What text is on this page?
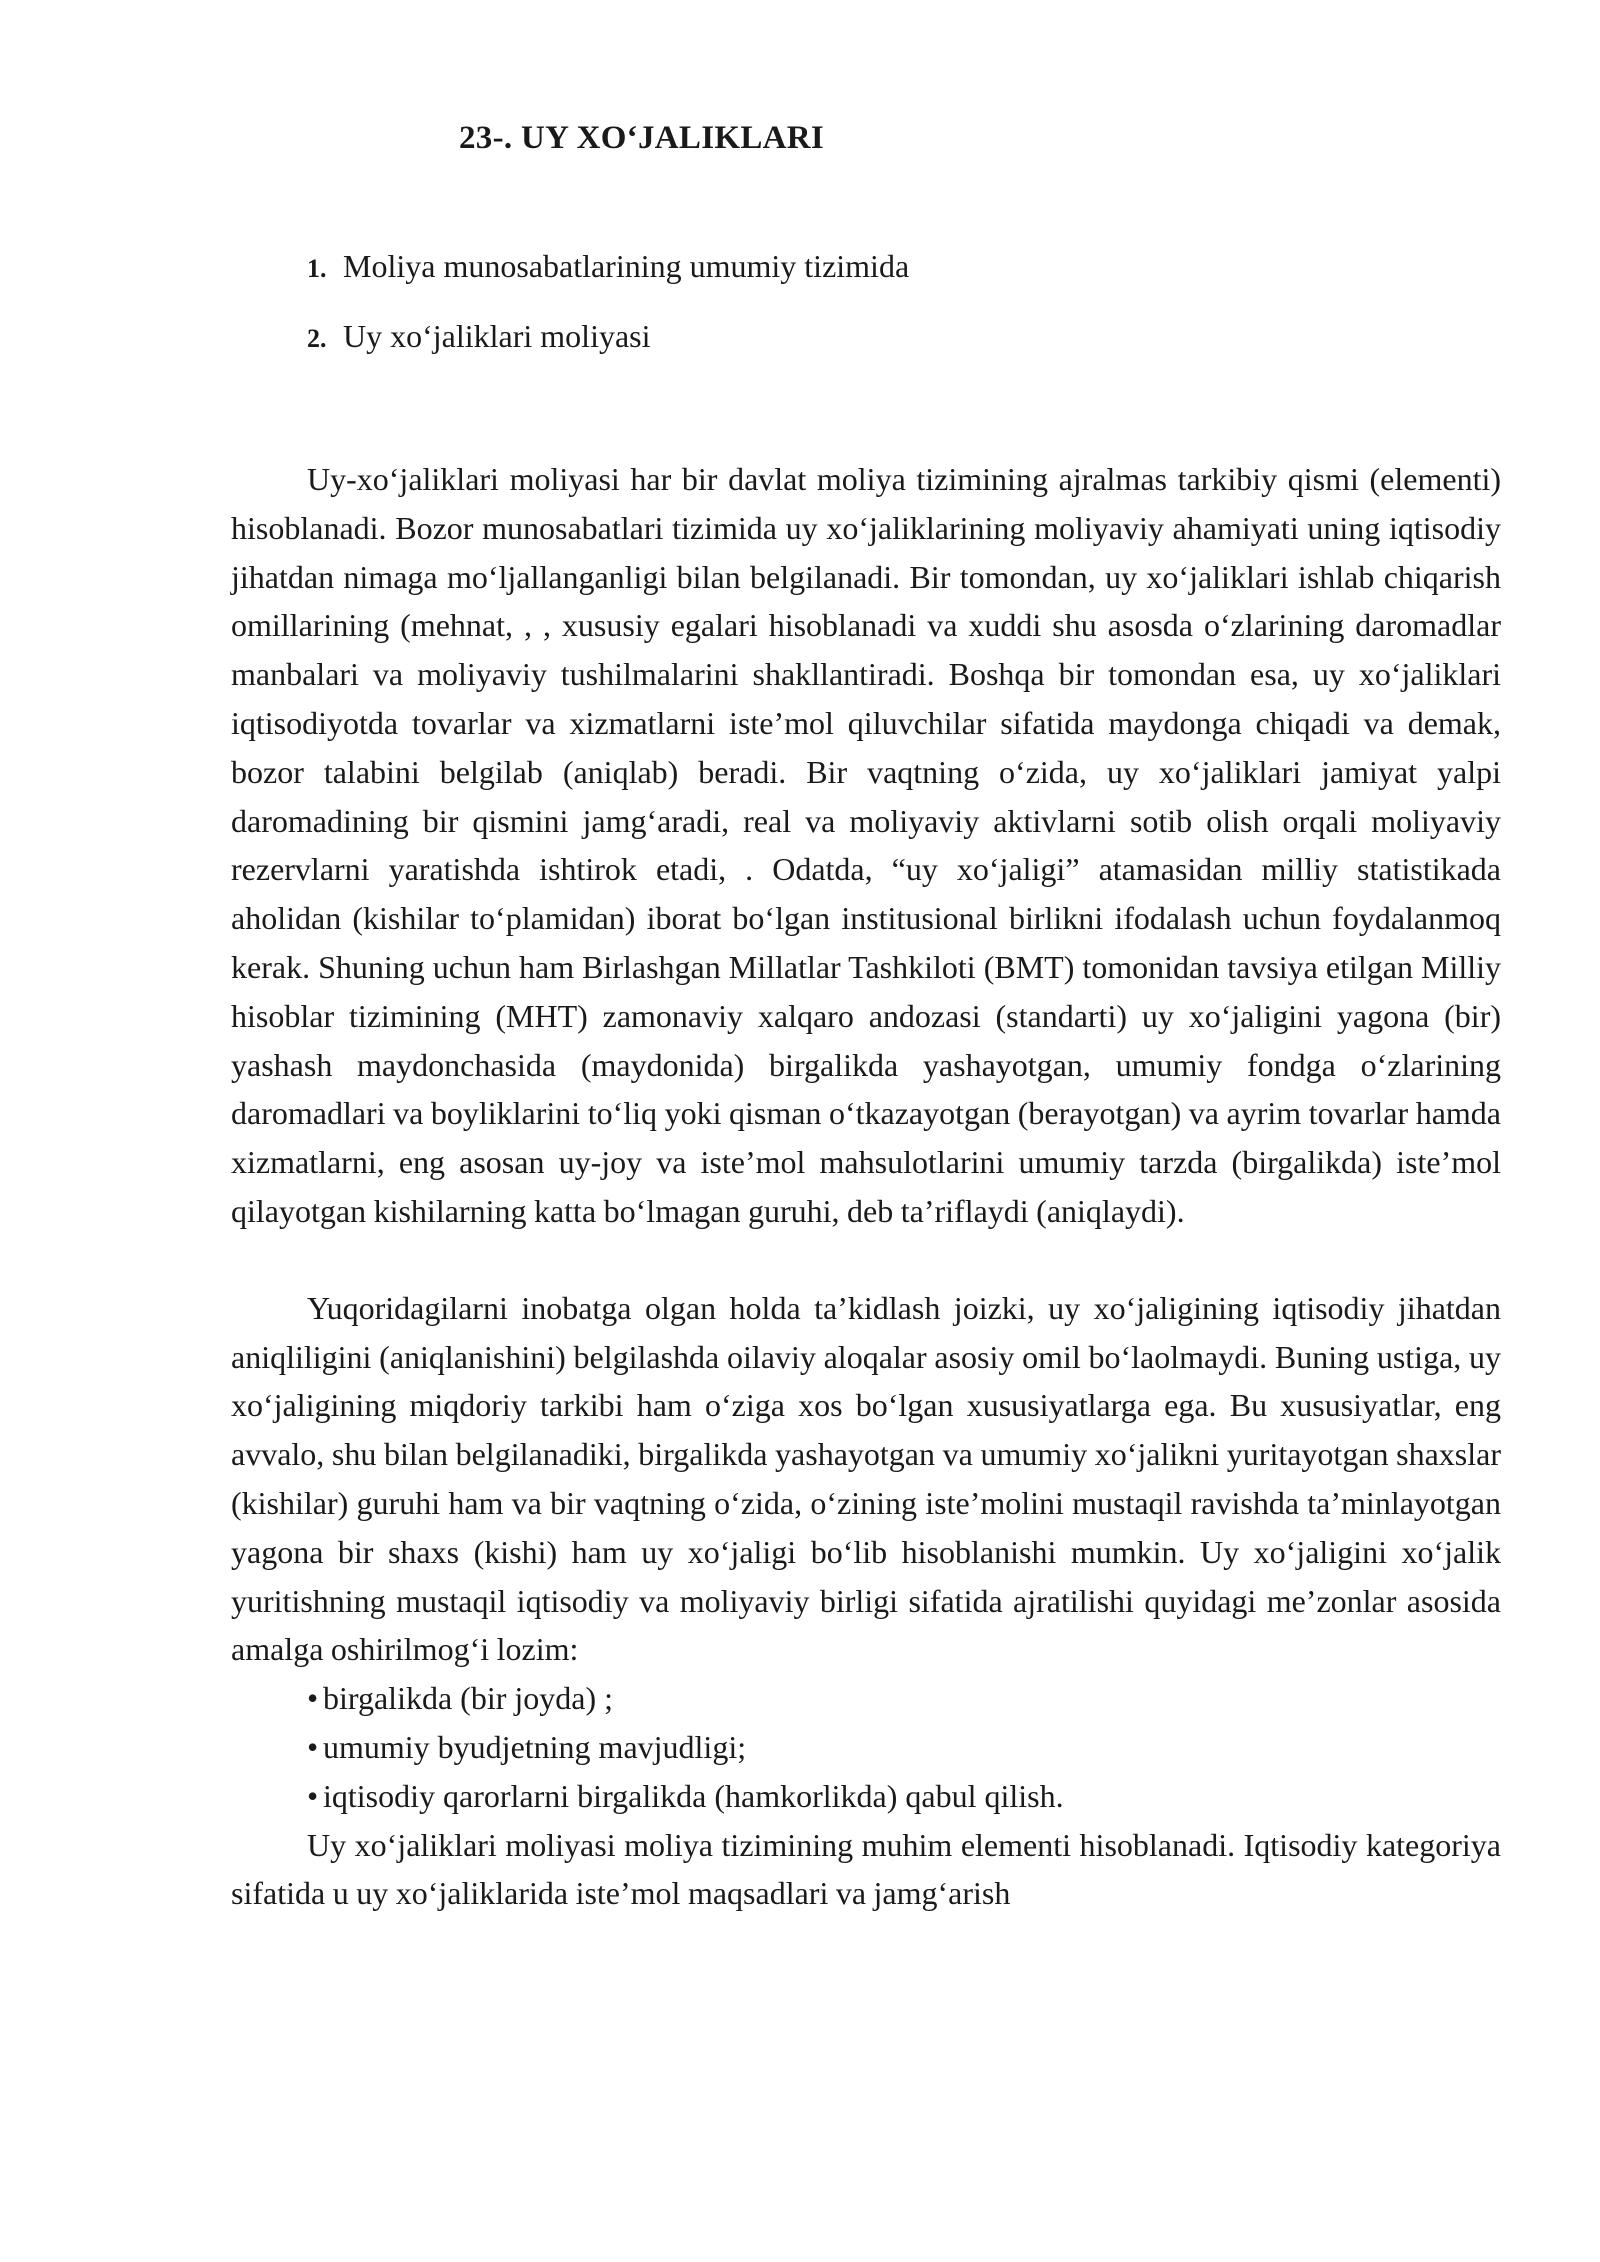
23-. UY XO‘JALIKLARI
1. Moliya munosabatlarining umumiy tizimida
2. Uy xo‘jaliklari moliyasi

Uy-xo‘jaliklari moliyasi har bir davlat moliya tizimining ajralmas tarkibiy qismi (elementi) hisoblanadi. Bozor munosabatlari tizimida uy xo‘jaliklarining moliyaviy ahamiyati uning iqtisodiy jihatdan nimaga mo‘ljallanganligi bilan belgilanadi. Bir tomondan, uy xo‘jaliklari ishlab chiqarish omillarining (mehnat, , , xususiy egalari hisoblanadi va xuddi shu asosda o‘zlarining daromadlar manbalari va moliyaviy tushilmalarini shakllantiradi. Boshqa bir tomondan esa, uy xo‘jaliklari iqtisodiyotda tovarlar va xizmatlarni iste’mol qiluvchilar sifatida maydonga chiqadi va demak, bozor talabini belgilab (aniqlab) beradi. Bir vaqtning o‘zida, uy xo‘jaliklari jamiyat yalpi daromadining bir qismini jamg‘aradi, real va moliyaviy aktivlarni sotib olish orqali moliyaviy rezervlarni yaratishda ishtirok etadi, . Odatda, “uy xo‘jaligi” atamasidan milliy statistikada aholidan (kishilar to‘plamidan) iborat bo‘lgan institusional birlikni ifodalash uchun foydalanmoq kerak. Shuning uchun ham Birlashgan Millatlar Tashkiloti (BMT) tomonidan tavsiya etilgan Milliy hisoblar tizimining (MHT) zamonaviy xalqaro andozasi (standarti) uy xo‘jaligini yagona (bir) yashash maydonchasida (maydonida) birgalikda yashayotgan, umumiy fondga o‘zlarining daromadlari va boyliklarini to‘liq yoki qisman o‘tkazayotgan (berayotgan) va ayrim tovarlar hamda xizmatlarni, eng asosan uy-joy va iste’mol mahsulotlarini umumiy tarzda (birgalikda) iste’mol qilayotgan kishilarning katta bo‘lmagan guruhi, deb ta’riflaydi (aniqlaydi).

Yuqoridagilarni inobatga olgan holda ta’kidlash joizki, uy xo‘jaligining iqtisodiy jihatdan aniqliligini (aniqlanishini) belgilashda oilaviy aloqalar asosiy omil bo‘laolmaydi. Buning ustiga, uy xo‘jaligining miqdoriy tarkibi ham o‘ziga xos bo‘lgan xususiyatlarga ega. Bu xususiyatlar, eng avvalo, shu bilan belgilanadiki, birgalikda yashayotgan va umumiy xo‘jalikni yuritayotgan shaxslar (kishilar) guruhi ham va bir vaqtning o‘zida, o‘zining iste’molini mustaqil ravishda ta’minlayotgan yagona bir shaxs (kishi) ham uy xo‘jaligi bo‘lib hisoblanishi mumkin. Uy xo‘jaligini xo‘jalik yuritishning mustaqil iqtisodiy va moliyaviy birligi sifatida ajratilishi quyidagi me’zonlar asosida amalga oshirilmog‘i lozim:

• birgalikda (bir joyda) ;
• umumiy byudjetning mavjudligi;
• iqtisodiy qarorlarni birgalikda (hamkorlikda) qabul qilish.

Uy xo‘jaliklari moliyasi moliya tizimining muhim elementi hisoblanadi. Iqtisodiy kategoriya sifatida u uy xo‘jaliklarida iste’mol maqsadlari va jamg‘arish
